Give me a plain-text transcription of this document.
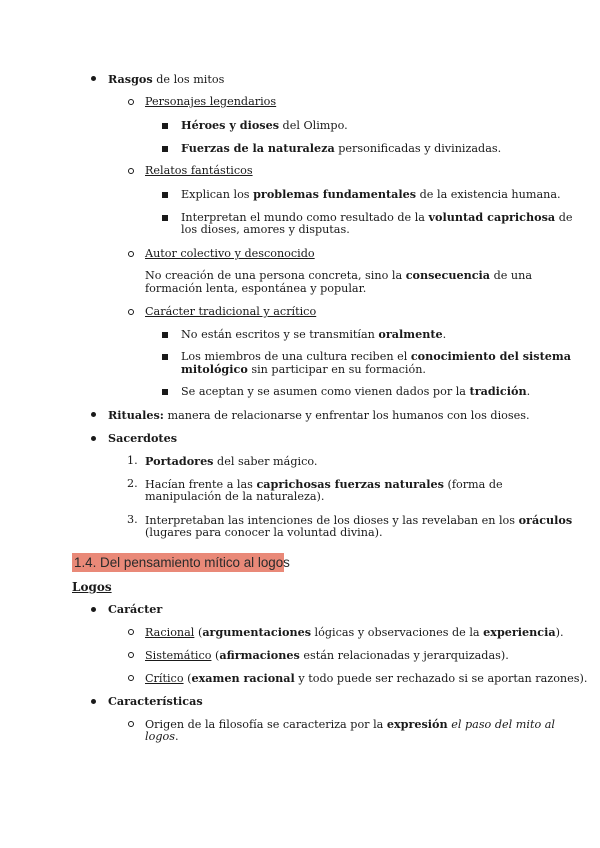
Rasgos de los mitos
Personajes legendarios
Héroes y dioses del Olimpo.
Fuerzas de la naturaleza personificadas y divinizadas.
Relatos fantásticos
Explican los problemas fundamentales de la existencia humana.
Interpretan el mundo como resultado de la voluntad caprichosa de
los dioses, amores y disputas.
Autor colectivo y desconocido
No creación de una persona concreta, sino la consecuencia de una
formación lenta, espontánea y popular.
Carácter tradicional y acrítico
No están escritos y se transmitían oralmente.
Los miembros de una cultura reciben el conocimiento del sistema
mitológico sin participar en su formación.
Se aceptan y se asumen como vienen dados por la tradición.
Rituales: manera de relacionarse y enfrentar los humanos con los dioses.
Sacerdotes
1. Portadores del saber mágico.
2. Hacían frente a las caprichosas fuerzas naturales (forma de
manipulación de la naturaleza).
3. Interpretaban las intenciones de los dioses y las revelaban en los oráculos
(lugares para conocer la voluntad divina).
1.4. Del pensamiento mítico al logos
Logos
Carácter
Racional (argumentaciones lógicas y observaciones de la experiencia).
Sistemático (afirmaciones están relacionadas y jerarquizadas).
Crítico (examen racional y todo puede ser rechazado si se aportan razones).
Características
Origen de la filosofía se caracteriza por la expresión el paso del mito al
logos.
